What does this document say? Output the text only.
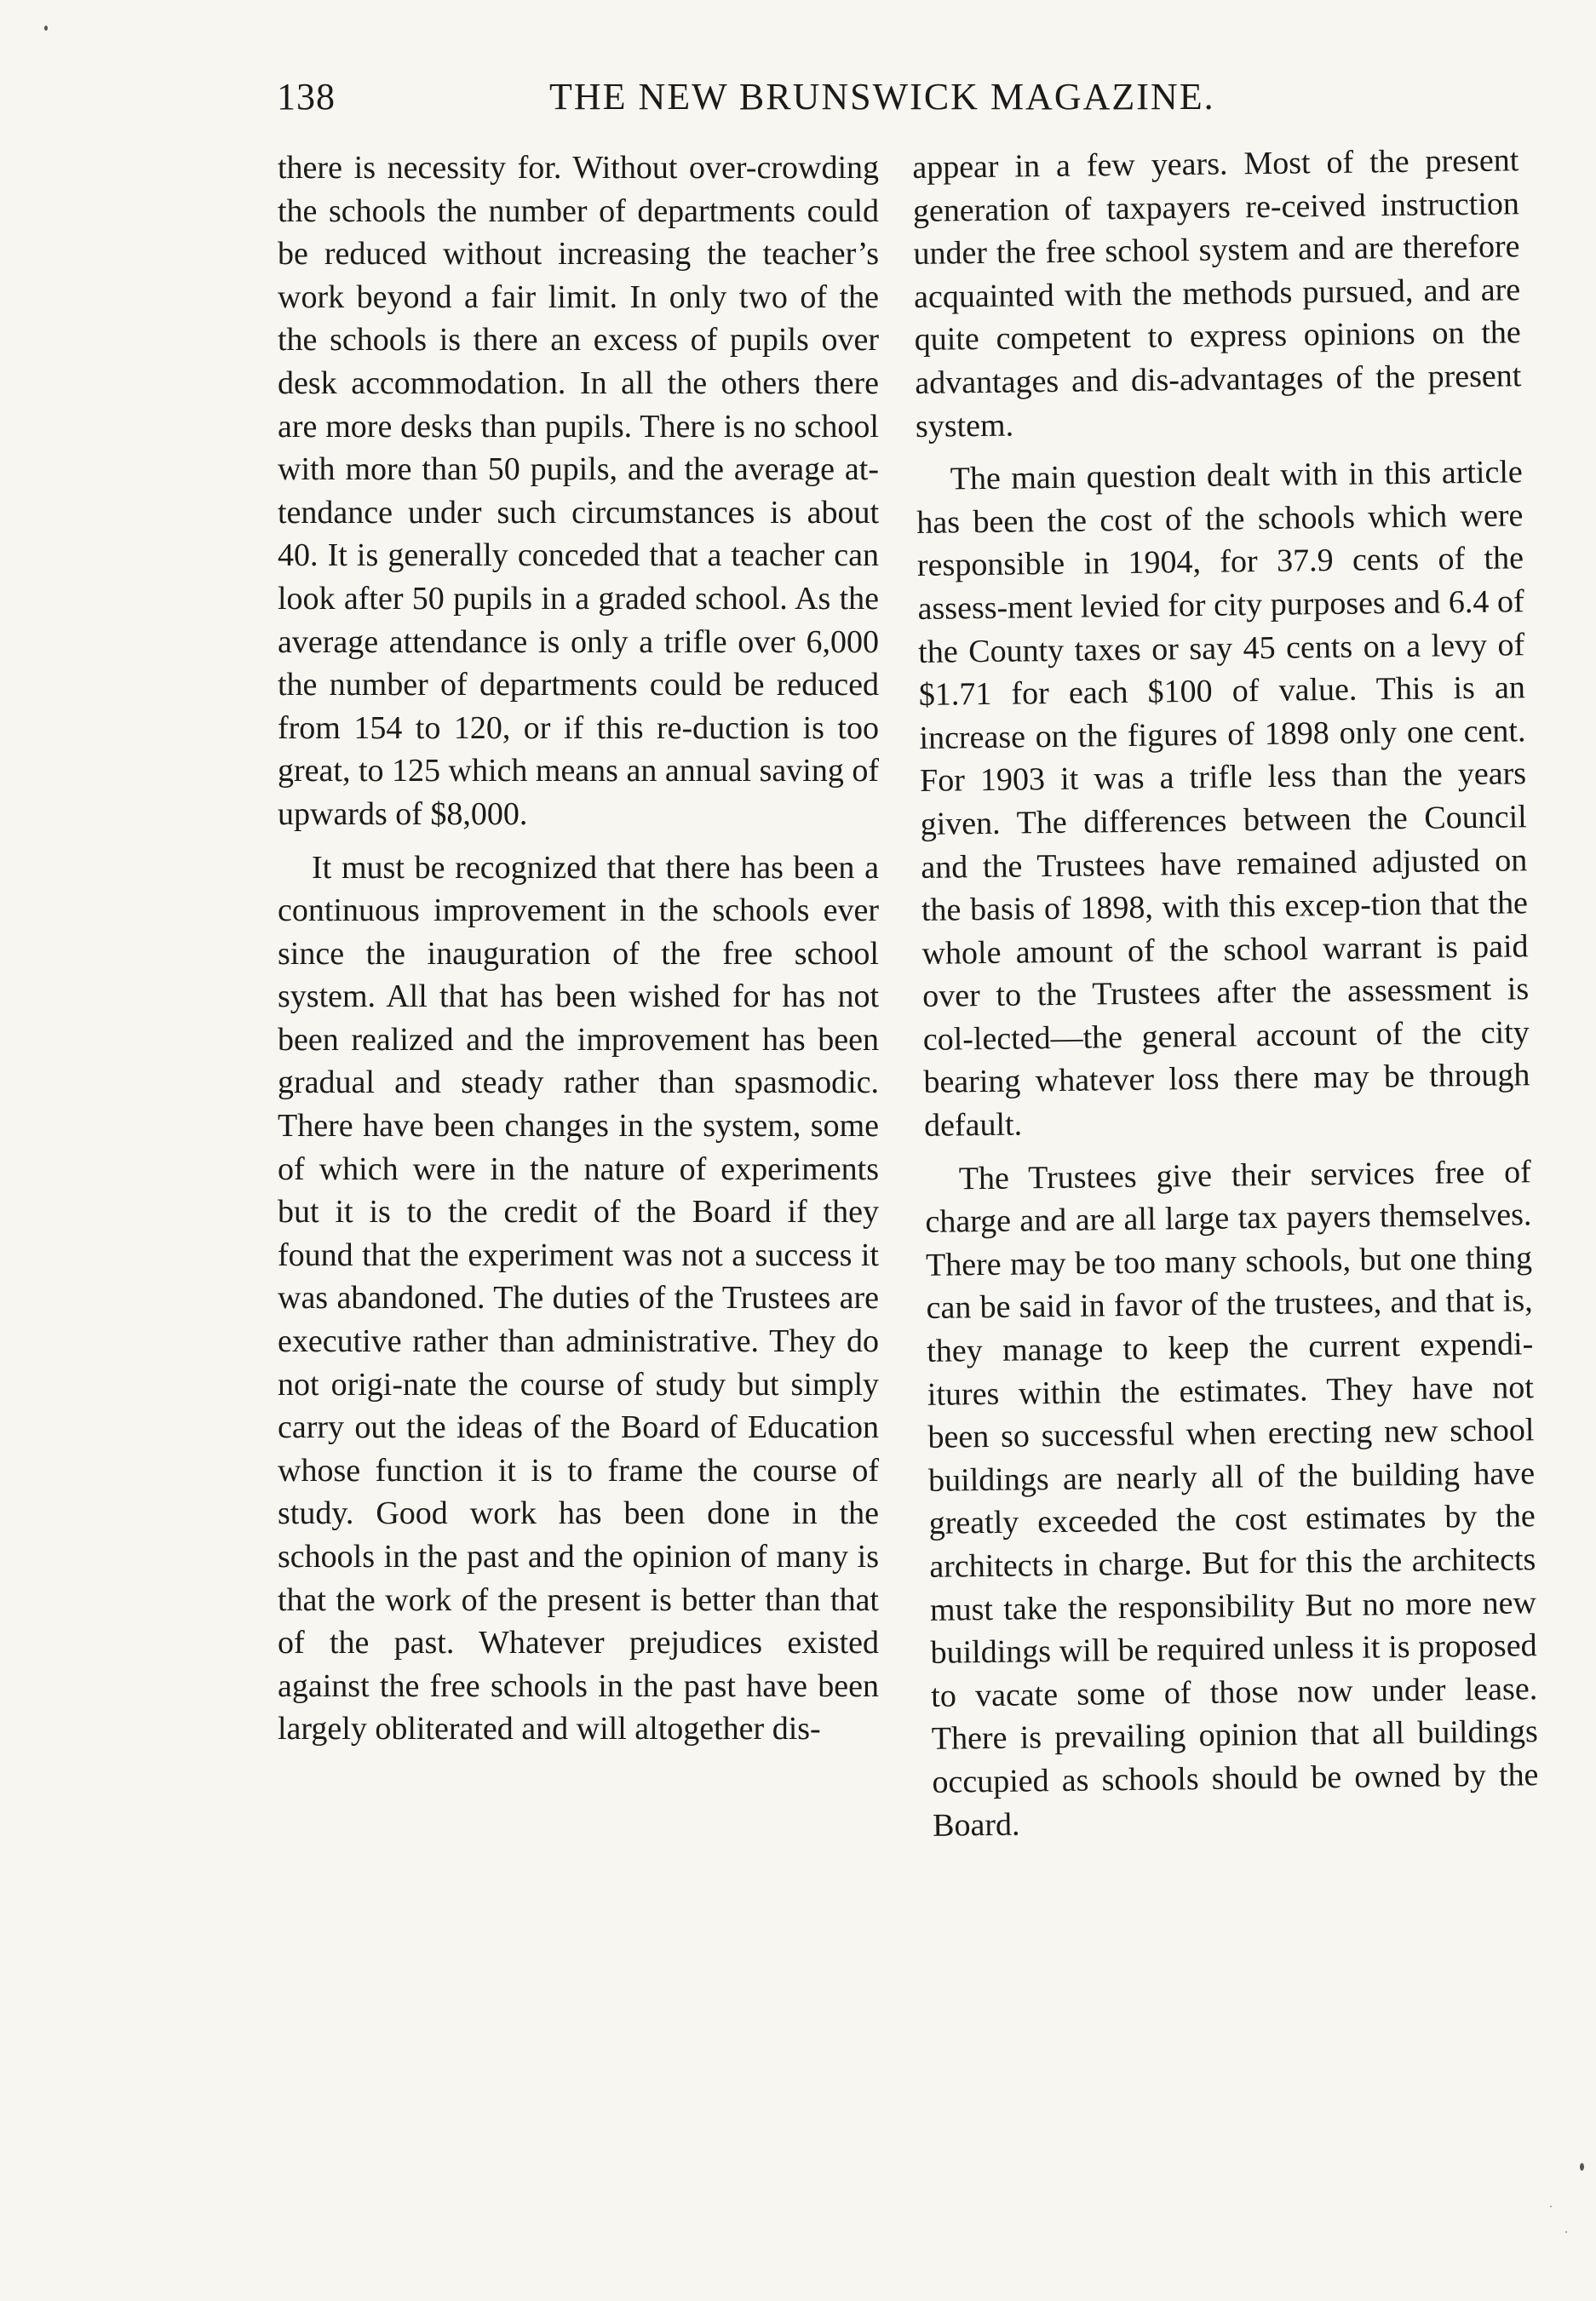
138	THE NEW BRUNSWICK MAGAZINE.

there is necessity for. Without over-crowding the schools the number of departments could be reduced without increasing the teacher’s work beyond a fair limit. In only two of the the schools is there an excess of pupils over desk accommodation. In all the others there are more desks than pupils. There is no school with more than 50 pupils, and the average at-tendance under such circumstances is about 40. It is generally conceded that a teacher can look after 50 pupils in a graded school. As the average attendance is only a trifle over 6,000 the number of departments could be reduced from 154 to 120, or if this re-duction is too great, to 125 which means an annual saving of upwards of $8,000.

It must be recognized that there has been a continuous improvement in the schools ever since the inauguration of the free school system. All that has been wished for has not been realized and the improvement has been gradual and steady rather than spasmodic. There have been changes in the system, some of which were in the nature of experiments but it is to the credit of the Board if they found that the experiment was not a success it was abandoned. The duties of the Trustees are executive rather than administrative. They do not origi-nate the course of study but simply carry out the ideas of the Board of Education whose function it is to frame the course of study. Good work has been done in the schools in the past and the opinion of many is that the work of the present is better than that of the past. Whatever prejudices existed against the free schools in the past have been largely obliterated and will altogether dis-

appear in a few years. Most of the present generation of taxpayers re-ceived instruction under the free school system and are therefore acquainted with the methods pursued, and are quite competent to express opinions on the advantages and dis-advantages of the present system.

The main question dealt with in this article has been the cost of the schools which were responsible in 1904, for 37.9 cents of the assess-ment levied for city purposes and 6.4 of the County taxes or say 45 cents on a levy of $1.71 for each $100 of value. This is an increase on the figures of 1898 only one cent. For 1903 it was a trifle less than the years given. The differences between the Council and the Trustees have remained adjusted on the basis of 1898, with this excep-tion that the whole amount of the school warrant is paid over to the Trustees after the assessment is col-lected—the general account of the city bearing whatever loss there may be through default.

The Trustees give their services free of charge and are all large tax payers themselves. There may be too many schools, but one thing can be said in favor of the trustees, and that is, they manage to keep the current expendi-itures within the estimates. They have not been so successful when erecting new school buildings are nearly all of the building have greatly exceeded the cost estimates by the architects in charge. But for this the architects must take the responsibility But no more new buildings will be required unless it is proposed to vacate some of those now under lease. There is prevailing opinion that all buildings occupied as schools should be owned by the Board.
